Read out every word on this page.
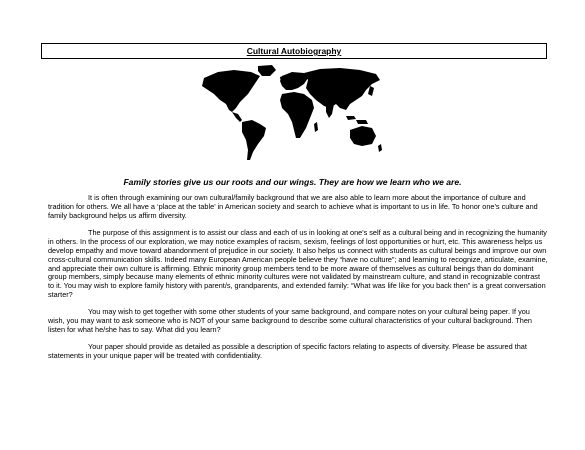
Cultural Autobiography
Family stories give us our roots and our wings. They are how we learn who we are.

It is often through examining our own cultural/family background that we are also able to learn more about the importance of culture and tradition for others. We all have a ‘place at the table’ in American society and search to achieve what is important to us in life. To honor one’s culture and family background helps us affirm diversity.

The purpose of this assignment is to assist our class and each of us in looking at one's self as a cultural being and in recognizing the humanity in others. In the process of our exploration, we may notice examples of racism, sexism, feelings of lost opportunities or hurt, etc. This awareness helps us develop empathy and move toward abandonment of prejudice in our society. It also helps us connect with students as cultural beings and improve our own cross-cultural communication skills. Indeed many European American people believe they “have no culture”; and learning to recognize, articulate, examine, and appreciate their own culture is affirming. Ethnic minority group members tend to be more aware of themselves as cultural beings than do dominant group members, simply because many elements of ethnic minority cultures were not validated by mainstream culture, and stand in recognizable contrast to it. You may wish to explore family history with parent/s, grandparents, and extended family: “What was life like for you back then” is a great conversation starter?

You may wish to get together with some other students of your same background, and compare notes on your cultural being paper. If you wish, you may want to ask someone who is NOT of your same background to describe some cultural characteristics of your cultural background. Then listen for what he/she has to say. What did you learn?

Your paper should provide as detailed as possible a description of specific factors relating to aspects of diversity. Please be assured that statements in your unique paper will be treated with confidentiality.
